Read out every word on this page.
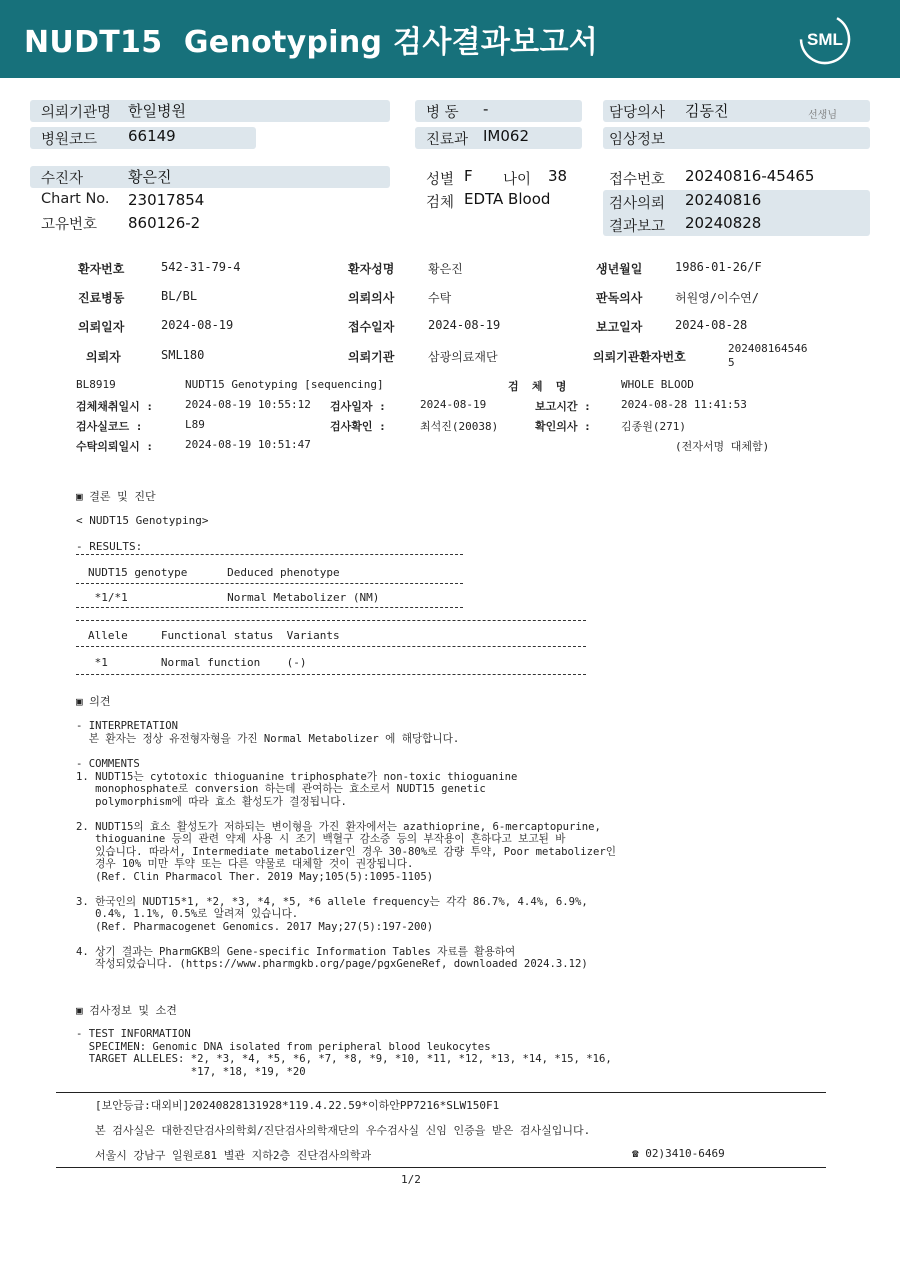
NUDT15  Genotyping 검사결과보고서	SML
의뢰기관명 한일병원	병 동 -	담당의사 김동진	선생님
병원코드 66149	진료과 IM062	임상정보
수진자	황은진	성별 F 나이 38	접수번호 20240816-45465
Chart No. 23017854	검체 EDTA Blood	검사의뢰 20240816
고유번호 860126-2	결과보고 20240828
환자번호	542-31-79-4	환자성명	황은진	생년월일	1986-01-26/F
진료병동	BL/BL	의뢰의사	수탁	판독의사	허원영/이수연/
의뢰일자	2024-08-19	접수일자	2024-08-19	보고일자	2024-08-28
의뢰자	SML180	의뢰기관	삼광의료재단	의뢰기관환자번호
202408164546
5
BL8919	NUDT15 Genotyping [sequencing]	검  체  명	WHOLE BLOOD
검체채취일시 :	2024-08-19 10:55:12 검사일자 :	2024-08-19	보고시간 :	2024-08-28 11:41:53
검사실코드 :	L89	검사확인 :	최석진(20038)	확인의사 :	김종원(271)
수탁의뢰일시 :	2024-08-19 10:51:47	(전자서명 대체함)
▣ 결론 및 진단
< NUDT15 Genotyping>
- RESULTS:
NUDT15 genotype      Deduced phenotype
*1/*1               Normal Metabolizer (NM)
Allele     Functional status  Variants
*1        Normal function    (-)
▣ 의견
- INTERPRETATION
본 환자는 정상 유전형자형을 가진 Normal Metabolizer 에 해당합니다.
- COMMENTS
1. NUDT15는 cytotoxic thioguanine triphosphate가 non-toxic thioguanine
monophosphate로 conversion 하는데 관여하는 효소로서 NUDT15 genetic
polymorphism에 따라 효소 활성도가 결정됩니다.

2. NUDT15의 효소 활성도가 저하되는 변이형을 가진 환자에서는 azathioprine, 6-mercaptopurine,
thioguanine 등의 관련 약제 사용 시 조기 백혈구 감소증 등의 부작용이 흔하다고 보고된 바
있습니다. 따라서, Intermediate metabolizer인 경우 30-80%로 감량 투약, Poor metabolizer인
경우 10% 미만 투약 또는 다른 약물로 대체할 것이 권장됩니다.
(Ref. Clin Pharmacol Ther. 2019 May;105(5):1095-1105)

3. 한국인의 NUDT15*1, *2, *3, *4, *5, *6 allele frequency는 각각 86.7%, 4.4%, 6.9%,
0.4%, 1.1%, 0.5%로 알려져 있습니다.
(Ref. Pharmacogenet Genomics. 2017 May;27(5):197-200)

4. 상기 결과는 PharmGKB의 Gene-specific Information Tables 자료를 활용하여
작성되었습니다. (https://www.pharmgkb.org/page/pgxGeneRef, downloaded 2024.3.12)
▣ 검사정보 및 소견
- TEST INFORMATION
SPECIMEN: Genomic DNA isolated from peripheral blood leukocytes
TARGET ALLELES: *2, *3, *4, *5, *6, *7, *8, *9, *10, *11, *12, *13, *14, *15, *16,
*17, *18, *19, *20
[보안등급:대외비]20240828131928*119.4.22.59*이하안PP7216*SLW150F1
본 검사실은 대한진단검사의학회/진단검사의학재단의 우수검사실 신임 인증을 받은 검사실입니다.
서울시 강남구 일원로81 별관 지하2층 진단검사의학과	☎ 02)3410-6469
1/2
